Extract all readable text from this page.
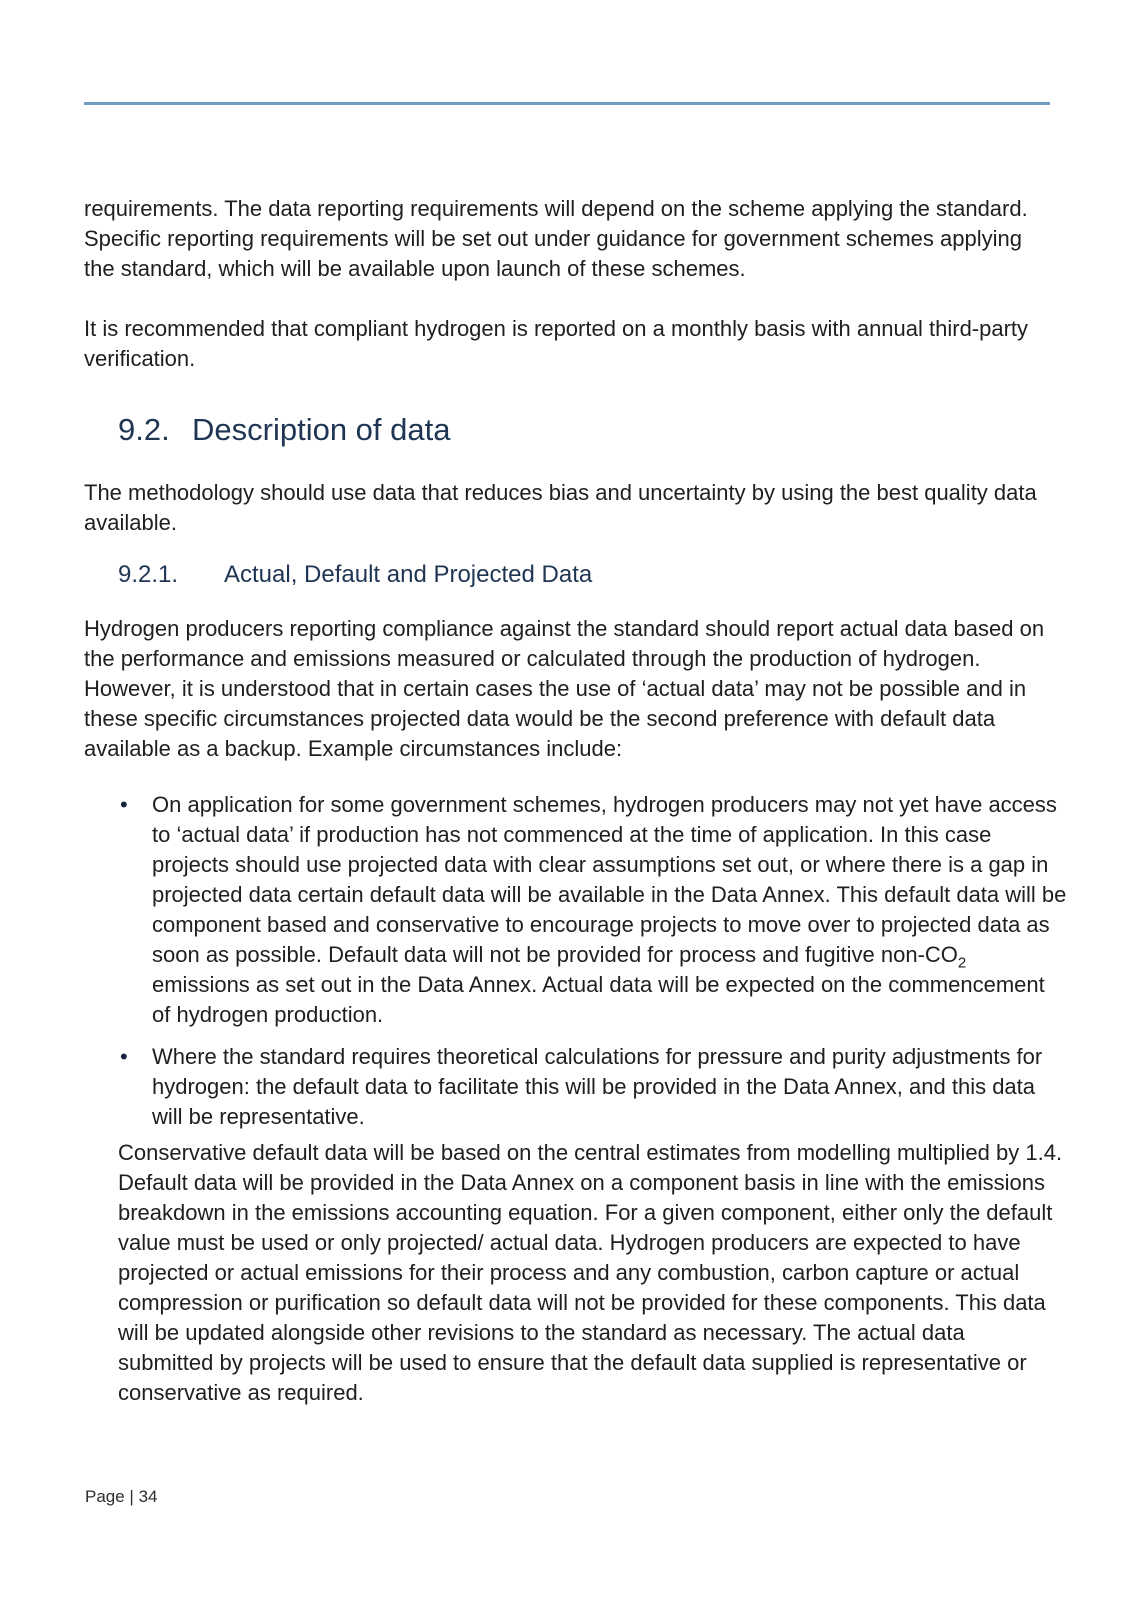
requirements. The data reporting requirements will depend on the scheme applying the standard. Specific reporting requirements will be set out under guidance for government schemes applying the standard, which will be available upon launch of these schemes.

It is recommended that compliant hydrogen is reported on a monthly basis with annual third-party verification.

9.2. Description of data

The methodology should use data that reduces bias and uncertainty by using the best quality data available.

9.2.1. Actual, Default and Projected Data

Hydrogen producers reporting compliance against the standard should report actual data based on the performance and emissions measured or calculated through the production of hydrogen. However, it is understood that in certain cases the use of ‘actual data’ may not be possible and in these specific circumstances projected data would be the second preference with default data available as a backup. Example circumstances include:

• On application for some government schemes, hydrogen producers may not yet have access to ‘actual data’ if production has not commenced at the time of application. In this case projects should use projected data with clear assumptions set out, or where there is a gap in projected data certain default data will be available in the Data Annex. This default data will be component based and conservative to encourage projects to move over to projected data as soon as possible. Default data will not be provided for process and fugitive non-$CO_2$ emissions as set out in the Data Annex. Actual data will be expected on the commencement of hydrogen production.
• Where the standard requires theoretical calculations for pressure and purity adjustments for hydrogen: the default data to facilitate this will be provided in the Data Annex, and this data will be representative.

Conservative default data will be based on the central estimates from modelling multiplied by 1.4.  Default data will be provided in the Data Annex on a component basis in line with the emissions breakdown in the emissions accounting equation. For a given component, either only the default value must be used or only projected/ actual data. Hydrogen producers are expected to have projected or actual emissions for their process and any combustion, carbon capture or actual compression or purification so default data will not be provided for these components. This data will be updated alongside other revisions to the standard as necessary. The actual data submitted by projects will be used to ensure that the default data supplied is representative or conservative as required.

Page | 34
